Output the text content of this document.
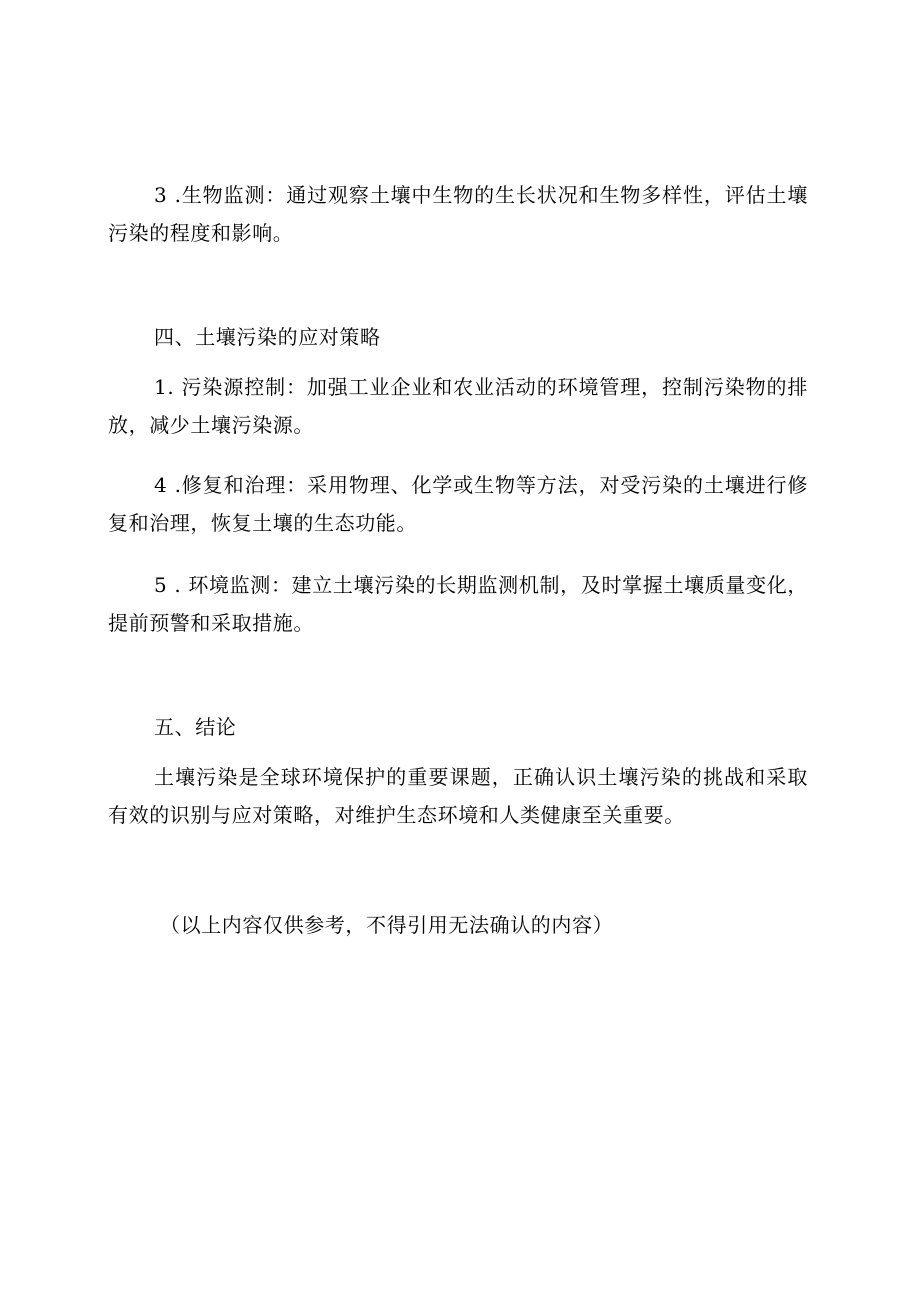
3 .生物监测：通过观察土壤中生物的生长状况和生物多样性，评估土壤污染的程度和影响。

四、土壤污染的应对策略

1. 污染源控制：加强工业企业和农业活动的环境管理，控制污染物的排放，减少土壤污染源。

4 .修复和治理：采用物理、化学或生物等方法，对受污染的土壤进行修复和治理，恢复土壤的生态功能。

5 . 环境监测：建立土壤污染的长期监测机制，及时掌握土壤质量变化，提前预警和采取措施。

五、结论

土壤污染是全球环境保护的重要课题，正确认识土壤污染的挑战和采取有效的识别与应对策略，对维护生态环境和人类健康至关重要。

（以上内容仅供参考，不得引用无法确认的内容）
